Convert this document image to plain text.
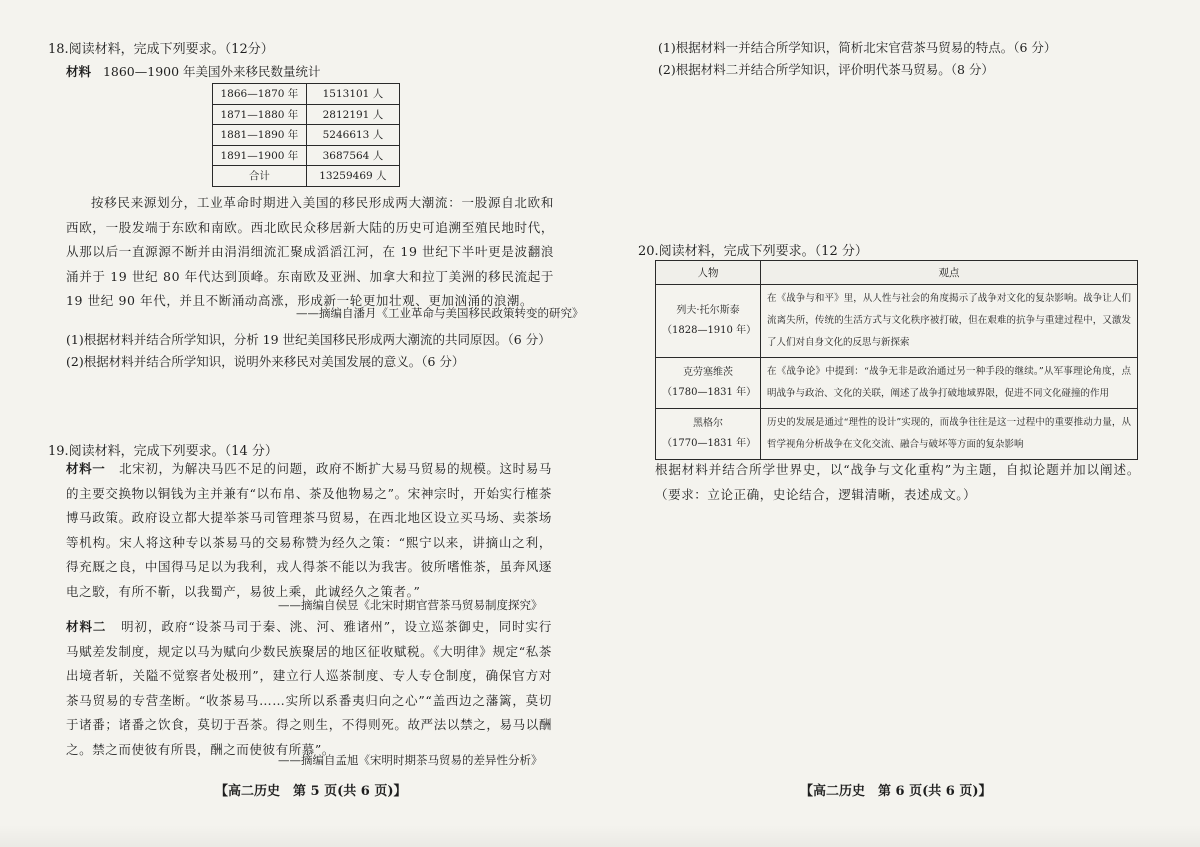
18.阅读材料，完成下列要求。（12分）
材料 1860—1900 年美国外来移民数量统计
1866—1870 年	1513101 人
1871—1880 年	2812191 人
1881—1890 年	5246613 人
1891—1900 年	3687564 人
合计	13259469 人
按移民来源划分，工业革命时期进入美国的移民形成两大潮流：一股源自北欧和西欧，一股发端于东欧和南欧。西北欧民众移居新大陆的历史可追溯至殖民地时代，从那以后一直源源不断并由涓涓细流汇聚成滔滔江河，在 19 世纪下半叶更是波翻浪涌并于 19 世纪 80 年代达到顶峰。东南欧及亚洲、加拿大和拉丁美洲的移民流起于 19 世纪 90 年代，并且不断涌动高涨，形成新一轮更加壮观、更加汹涌的浪潮。
——摘编自潘月《工业革命与美国移民政策转变的研究》
(1)根据材料并结合所学知识，分析 19 世纪美国移民形成两大潮流的共同原因。（6 分）
(2)根据材料并结合所学知识，说明外来移民对美国发展的意义。（6 分）
19.阅读材料，完成下列要求。（14 分）
材料一 北宋初，为解决马匹不足的问题，政府不断扩大易马贸易的规模。这时易马的主要交换物以铜钱为主并兼有“以布帛、茶及他物易之”。宋神宗时，开始实行榷茶博马政策。政府设立都大提举茶马司管理茶马贸易，在西北地区设立买马场、卖茶场等机构。宋人将这种专以茶易马的交易称赞为经久之策：“熙宁以来，讲摘山之利，得充厩之良，中国得马足以为我利，戎人得茶不能以为我害。彼所嗜惟茶，虽奔风逐电之駮，有所不靳，以我蜀产，易彼上乘，此诚经久之策者。”
——摘编自侯昱《北宋时期官营茶马贸易制度探究》
材料二 明初，政府“设茶马司于秦、洮、河、雅诸州”，设立巡茶御史，同时实行马赋差发制度，规定以马为赋向少数民族聚居的地区征收赋税。《大明律》规定“私茶出境者斩，关隘不觉察者处极刑”，建立行人巡茶制度、专人专仓制度，确保官方对茶马贸易的专营垄断。“收茶易马……实所以系番夷归向之心”“盖西边之藩篱，莫切于诸番；诸番之饮食，莫切于吾茶。得之则生，不得则死。故严法以禁之，易马以酬之。禁之而使彼有所畏，酬之而使彼有所慕”。
——摘编自孟旭《宋明时期茶马贸易的差异性分析》
【高二历史　第 5 页(共 6 页)】
(1)根据材料一并结合所学知识，简析北宋官营茶马贸易的特点。（6 分）
(2)根据材料二并结合所学知识，评价明代茶马贸易。（8 分）
20.阅读材料，完成下列要求。（12 分）
【高二历史　第 6 页(共 6 页)】
人物	观点

列夫·托尔斯泰
（1828—1910 年）	在《战争与和平》里，从人性与社会的角度揭示了战争对文化的复杂影响。战争让人们流离失所，传统的生活方式与文化秩序被打破，但在艰难的抗争与重建过程中，又激发了人们对自身文化的反思与新探索

克劳塞维茨
（1780—1831 年）	在《战争论》中提到：“战争无非是政治通过另一种手段的继续。”从军事理论角度，点明战争与政治、文化的关联，阐述了战争打破地域界限，促进不同文化碰撞的作用

黑格尔
（1770—1831 年）	历史的发展是通过“理性的设计”实现的，而战争往往是这一过程中的重要推动力量，从哲学视角分析战争在文化交流、融合与破坏等方面的复杂影响
根据材料并结合所学世界史，以“战争与文化重构”为主题，自拟论题并加以阐述。（要求：立论正确，史论结合，逻辑清晰，表述成文。）
